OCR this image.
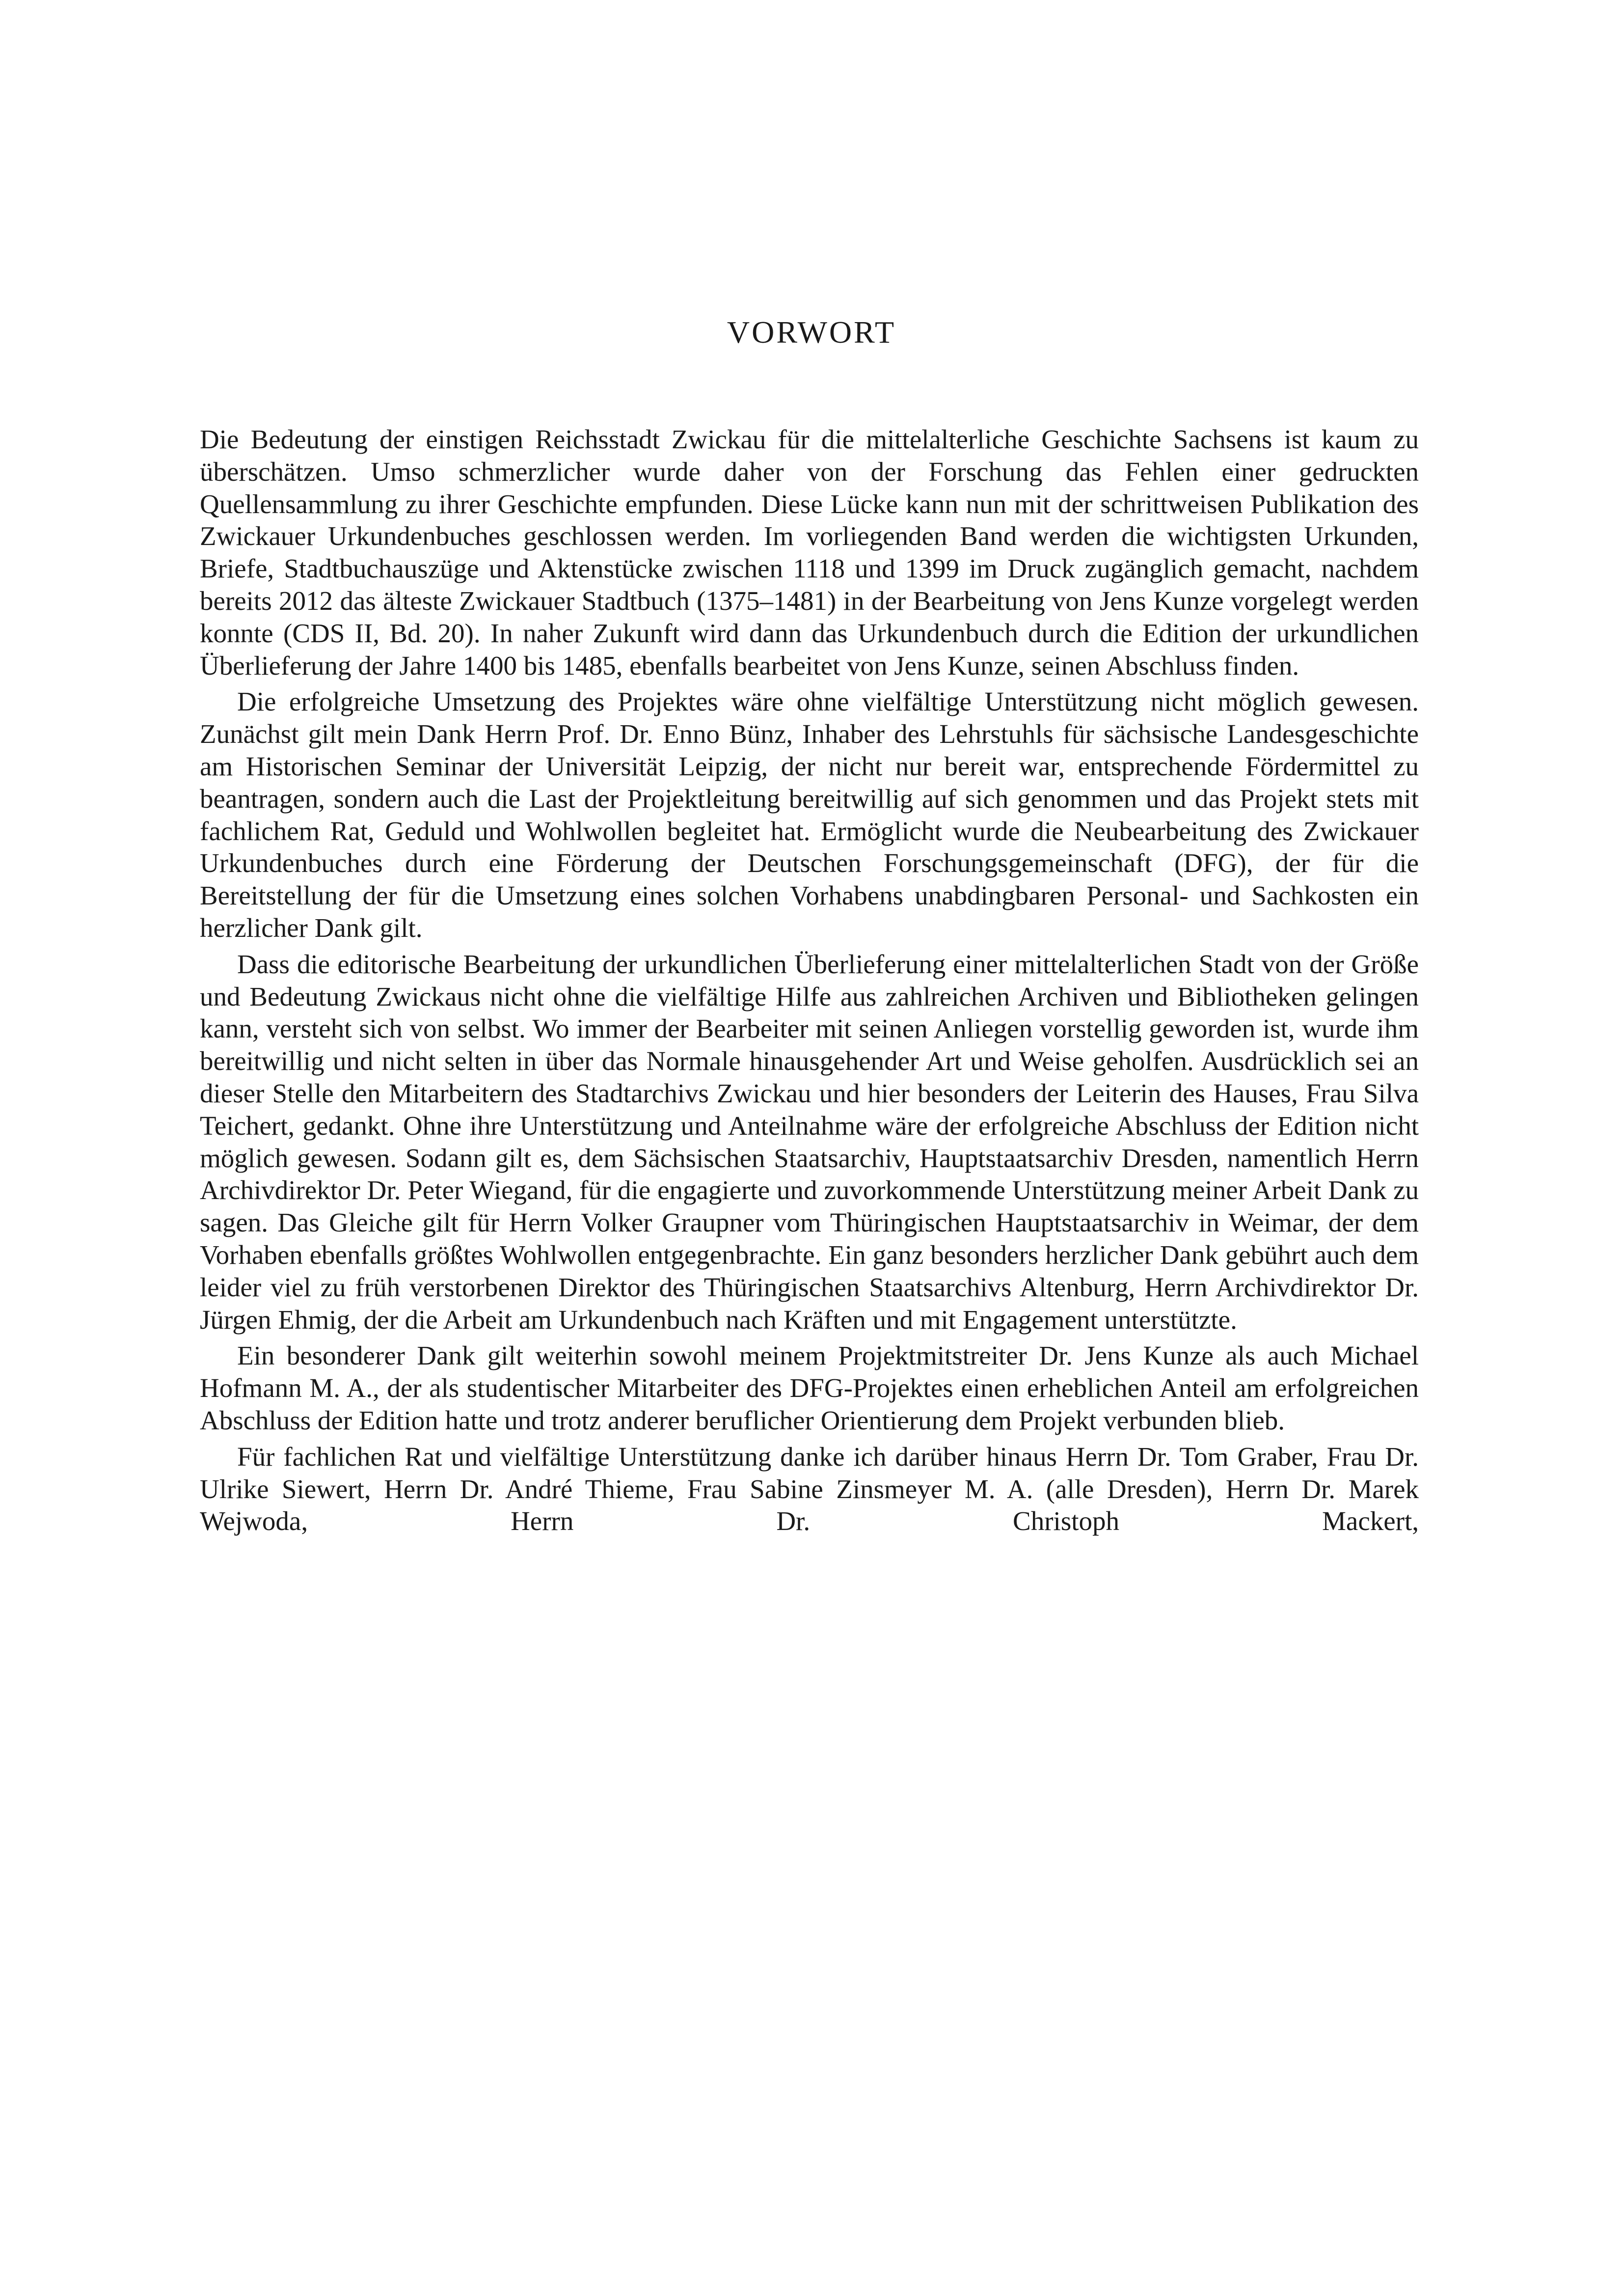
VORWORT

Die Bedeutung der einstigen Reichsstadt Zwickau für die mittelalterliche Geschichte Sachsens ist kaum zu überschätzen. Umso schmerzlicher wurde daher von der Forschung das Fehlen einer gedruckten Quellensammlung zu ihrer Geschichte empfunden. Diese Lücke kann nun mit der schrittweisen Publikation des Zwickauer Urkundenbuches geschlossen werden. Im vorliegenden Band werden die wichtigsten Urkunden, Briefe, Stadtbuchauszüge und Aktenstücke zwischen 1118 und 1399 im Druck zugänglich gemacht, nachdem bereits 2012 das älteste Zwickauer Stadtbuch (1375–1481) in der Bearbeitung von Jens Kunze vorgelegt werden konnte (CDS II, Bd. 20). In naher Zukunft wird dann das Urkundenbuch durch die Edition der urkundlichen Überlieferung der Jahre 1400 bis 1485, ebenfalls bearbeitet von Jens Kunze, seinen Abschluss finden.

Die erfolgreiche Umsetzung des Projektes wäre ohne vielfältige Unterstützung nicht möglich gewesen. Zunächst gilt mein Dank Herrn Prof. Dr. Enno Bünz, Inhaber des Lehrstuhls für sächsische Landesgeschichte am Historischen Seminar der Universität Leipzig, der nicht nur bereit war, entsprechende Fördermittel zu beantragen, sondern auch die Last der Projektleitung bereitwillig auf sich genommen und das Projekt stets mit fachlichem Rat, Geduld und Wohlwollen begleitet hat. Ermöglicht wurde die Neubearbeitung des Zwickauer Urkundenbuches durch eine Förderung der Deutschen Forschungsgemeinschaft (DFG), der für die Bereitstellung der für die Umsetzung eines solchen Vorhabens unabdingbaren Personal- und Sachkosten ein herzlicher Dank gilt.

Dass die editorische Bearbeitung der urkundlichen Überlieferung einer mittelalterlichen Stadt von der Größe und Bedeutung Zwickaus nicht ohne die vielfältige Hilfe aus zahlreichen Archiven und Bibliotheken gelingen kann, versteht sich von selbst. Wo immer der Bearbeiter mit seinen Anliegen vorstellig geworden ist, wurde ihm bereitwillig und nicht selten in über das Normale hinausgehender Art und Weise geholfen. Ausdrücklich sei an dieser Stelle den Mitarbeitern des Stadtarchivs Zwickau und hier besonders der Leiterin des Hauses, Frau Silva Teichert, gedankt. Ohne ihre Unterstützung und Anteilnahme wäre der erfolgreiche Abschluss der Edition nicht möglich gewesen. Sodann gilt es, dem Sächsischen Staatsarchiv, Hauptstaatsarchiv Dresden, namentlich Herrn Archivdirektor Dr. Peter Wiegand, für die engagierte und zuvorkommende Unterstützung meiner Arbeit Dank zu sagen. Das Gleiche gilt für Herrn Volker Graupner vom Thüringischen Hauptstaatsarchiv in Weimar, der dem Vorhaben ebenfalls größtes Wohlwollen entgegenbrachte. Ein ganz besonders herzlicher Dank gebührt auch dem leider viel zu früh verstorbenen Direktor des Thüringischen Staatsarchivs Altenburg, Herrn Archivdirektor Dr. Jürgen Ehmig, der die Arbeit am Urkundenbuch nach Kräften und mit Engagement unterstützte.

Ein besonderer Dank gilt weiterhin sowohl meinem Projektmitstreiter Dr. Jens Kunze als auch Michael Hofmann M. A., der als studentischer Mitarbeiter des DFG-Projektes einen erheblichen Anteil am erfolgreichen Abschluss der Edition hatte und trotz anderer beruflicher Orientierung dem Projekt verbunden blieb.

Für fachlichen Rat und vielfältige Unterstützung danke ich darüber hinaus Herrn Dr. Tom Graber, Frau Dr. Ulrike Siewert, Herrn Dr. André Thieme, Frau Sabine Zinsmeyer M. A. (alle Dresden), Herrn Dr. Marek Wejwoda, Herrn Dr. Christoph Mackert,
